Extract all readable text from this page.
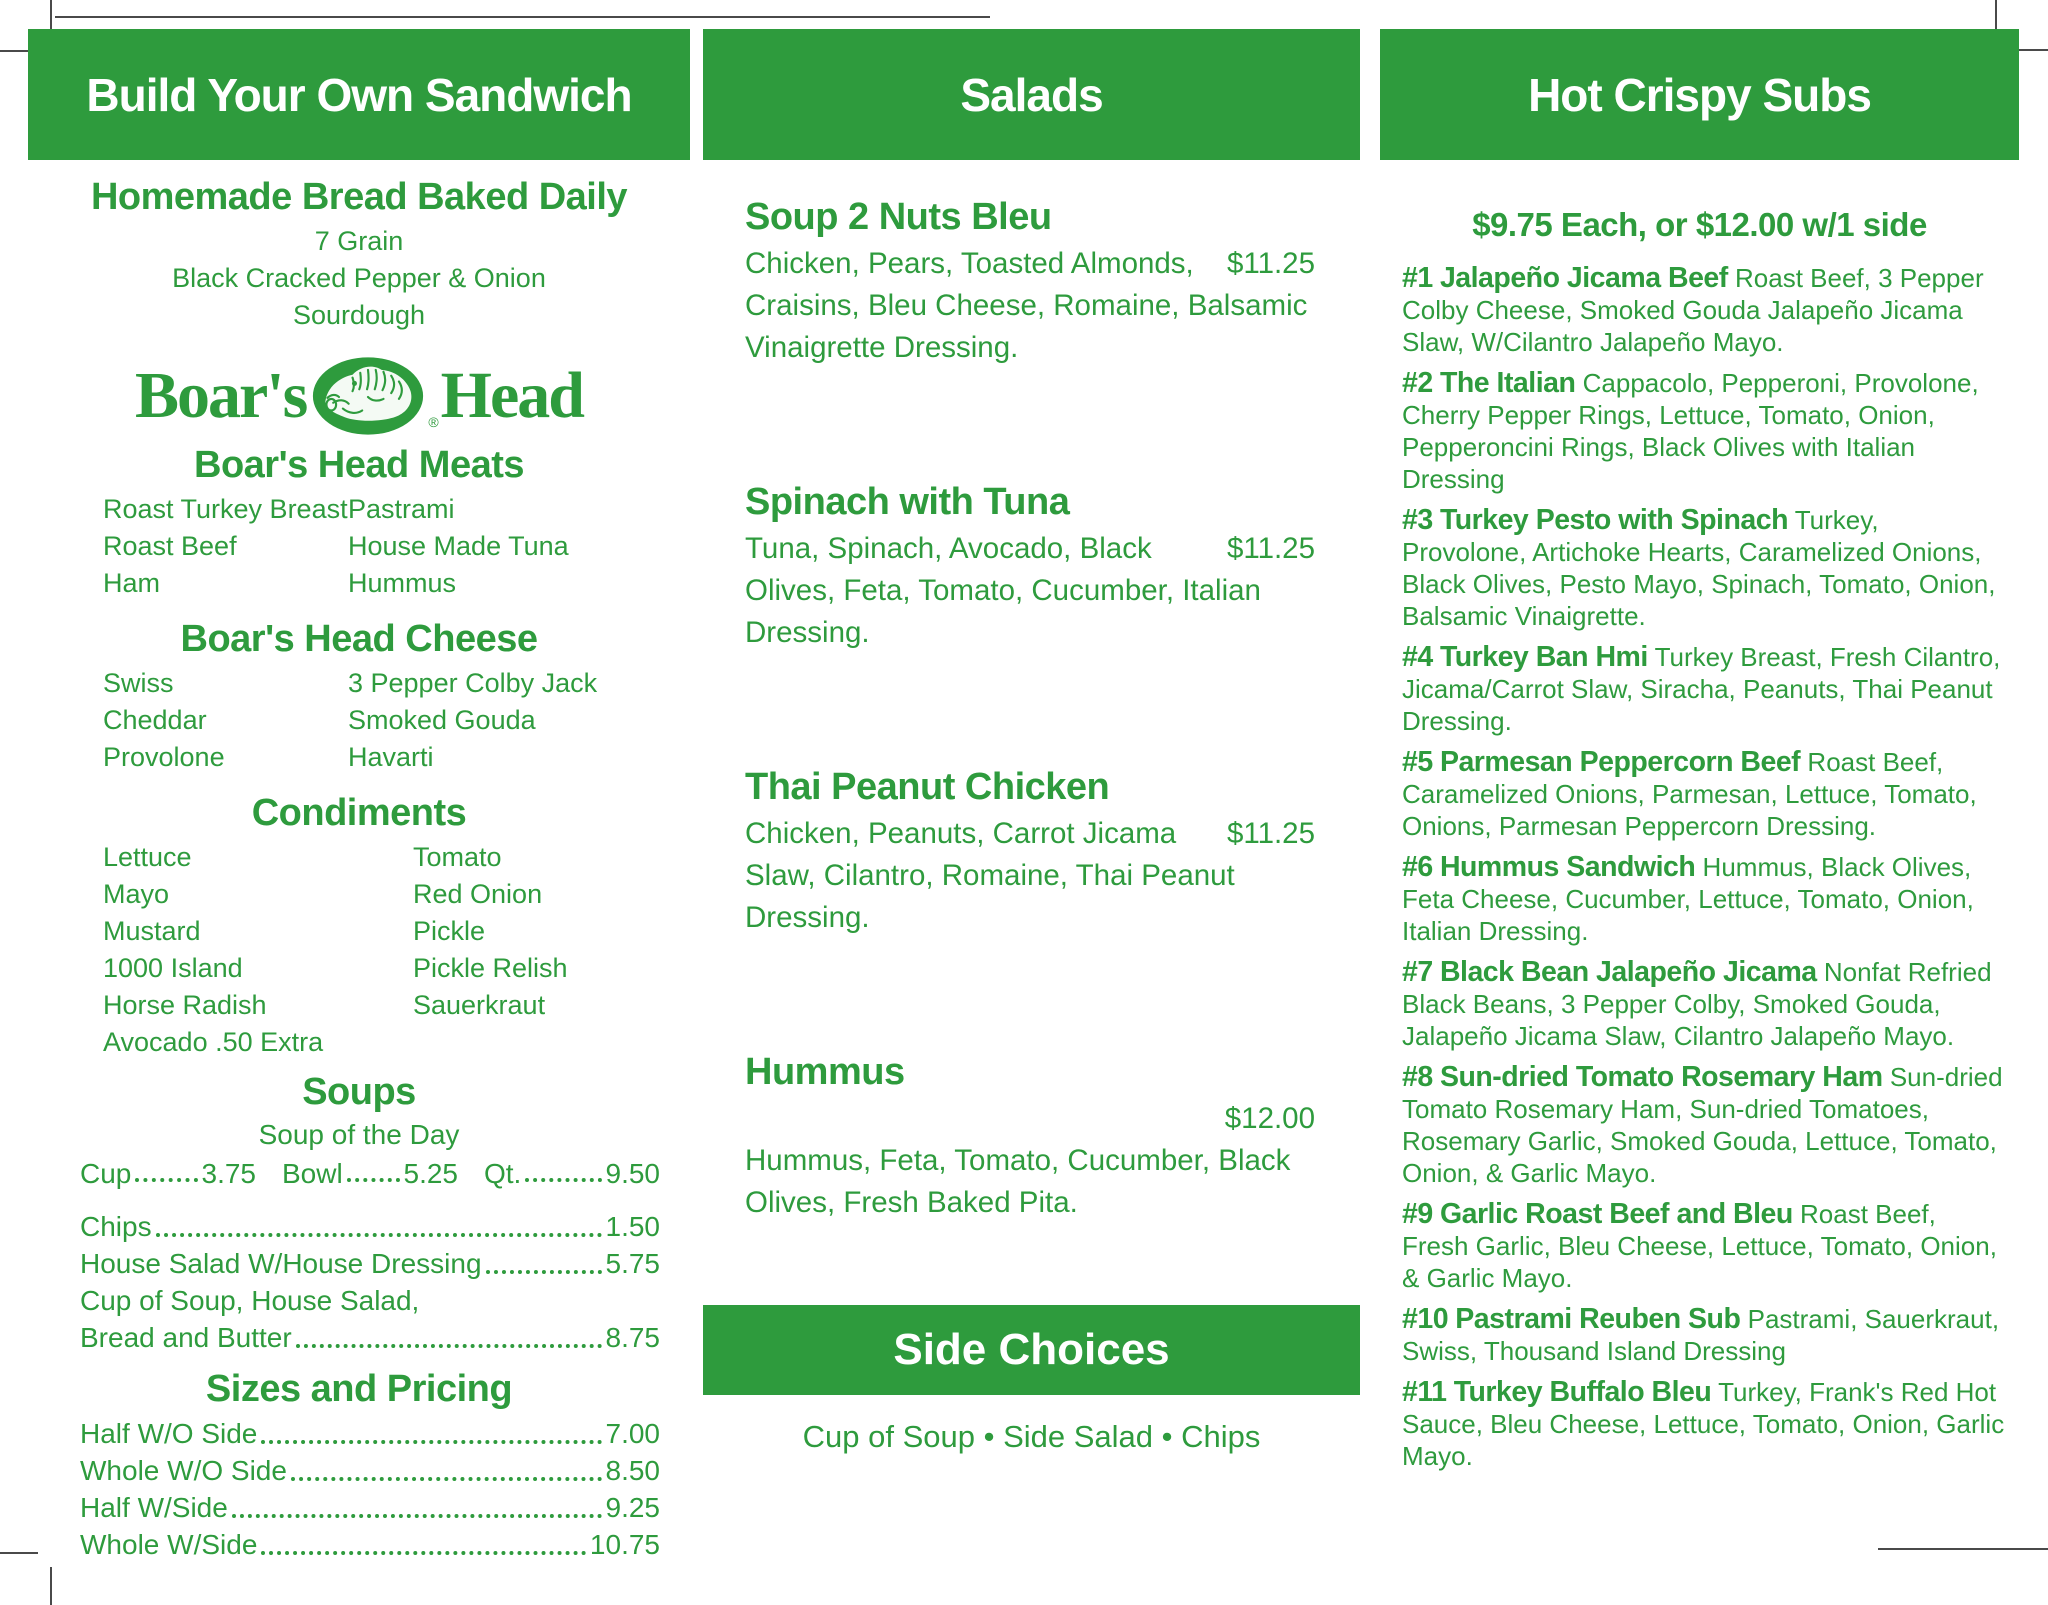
Build Your Own Sandwich
Homemade Bread Baked Daily
7 Grain
Black Cracked Pepper & Onion
Sourdough
Boar's	® Head
Boar's Head Meats
Roast Turkey Breast
Roast Beef
Ham
Pastrami
House Made Tuna
Hummus
Boar's Head Cheese
Swiss
Cheddar
Provolone
3 Pepper Colby Jack
Smoked Gouda
Havarti
Condiments
Lettuce
Mayo
Mustard
1000 Island
Horse Radish
Avocado .50 Extra
Tomato
Red Onion
Pickle
Pickle Relish
Sauerkraut
Soups
Soup of the Day
Cup	3.75 Bowl 5.25 Qt.	9.50
Chips	1.50
House Salad W/House Dressing	5.75
Cup of Soup, House Salad,
Bread and Butter	8.75
Sizes and Pricing
Half W/O Side	7.00
Whole W/O Side	8.50
Half W/Side	9.25
Whole W/Side	10.75
Salads
Soup 2 Nuts Bleu
$11.25
Chicken, Pears, Toasted Almonds, Craisins, Bleu Cheese, Romaine, Balsamic Vinaigrette Dressing.
Spinach with Tuna
$11.25
Tuna, Spinach, Avocado, Black Olives, Feta, Tomato, Cucumber, Italian Dressing.
Thai Peanut Chicken
$11.25
Chicken, Peanuts, Carrot Jicama Slaw, Cilantro, Romaine, Thai Peanut Dressing.
Hummus
$12.00
Hummus, Feta, Tomato, Cucumber, Black Olives, Fresh Baked Pita.
Side Choices
Cup of Soup • Side Salad • Chips
Hot Crispy Subs
$9.75 Each, or $12.00 w/1 side
#1 Jalapeño Jicama Beef Roast Beef, 3 Pepper Colby Cheese, Smoked Gouda Jalapeño Jicama Slaw, W/Cilantro Jalapeño Mayo.
#2 The Italian Cappacolo, Pepperoni, Provolone, Cherry Pepper Rings, Lettuce, Tomato, Onion, Pepperoncini Rings, Black Olives with Italian Dressing
#3 Turkey Pesto with Spinach Turkey, Provolone, Artichoke Hearts, Caramelized Onions, Black Olives, Pesto Mayo, Spinach, Tomato, Onion, Balsamic Vinaigrette.
#4 Turkey Ban Hmi Turkey Breast, Fresh Cilantro, Jicama/Carrot Slaw, Siracha, Peanuts, Thai Peanut Dressing.
#5 Parmesan Peppercorn Beef Roast Beef, Caramelized Onions, Parmesan, Lettuce, Tomato, Onions, Parmesan Peppercorn Dressing.
#6 Hummus Sandwich Hummus, Black Olives, Feta Cheese, Cucumber, Lettuce, Tomato, Onion, Italian Dressing.
#7 Black Bean Jalapeño Jicama Nonfat Refried Black Beans, 3 Pepper Colby, Smoked Gouda, Jalapeño Jicama Slaw, Cilantro Jalapeño Mayo.
#8 Sun-dried Tomato Rosemary Ham Sun-dried Tomato Rosemary Ham, Sun-dried Tomatoes, Rosemary Garlic, Smoked Gouda, Lettuce, Tomato, Onion, & Garlic Mayo.
#9 Garlic Roast Beef and Bleu Roast Beef, Fresh Garlic, Bleu Cheese, Lettuce, Tomato, Onion, & Garlic Mayo.
#10 Pastrami Reuben Sub Pastrami, Sauerkraut, Swiss, Thousand Island Dressing
#11 Turkey Buffalo Bleu Turkey, Frank's Red Hot Sauce, Bleu Cheese, Lettuce, Tomato, Onion, Garlic Mayo.
